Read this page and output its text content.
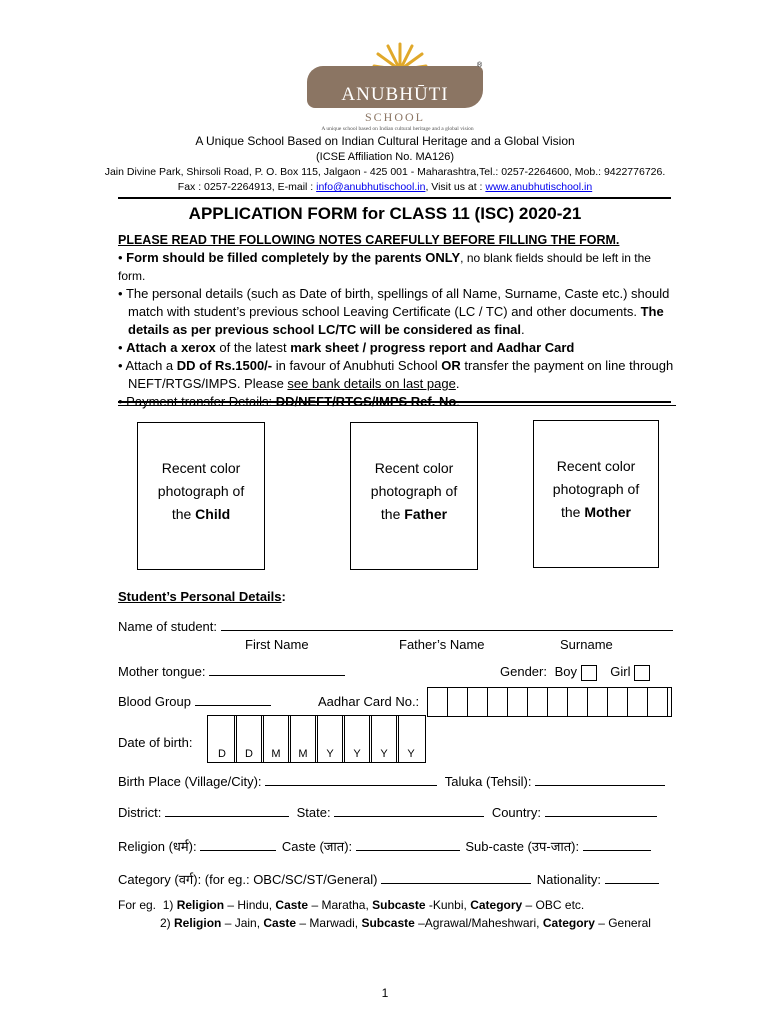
ANUBHŪTI
®
SCHOOL
A unique school based on Indian cultural heritage and a global vision
A Unique School Based on Indian Cultural Heritage and a Global Vision
(ICSE Affiliation No. MA126)
Jain Divine Park, Shirsoli Road, P. O. Box 115, Jalgaon - 425 001 - Maharashtra,Tel.: 0257-2264600, Mob.: 9422776726.
Fax : 0257-2264913, E-mail : info@anubhutischool.in, Visit us at : www.anubhutischool.in
APPLICATION FORM for CLASS 11 (ISC) 2020-21
PLEASE READ THE FOLLOWING NOTES CAREFULLY BEFORE FILLING THE FORM.
• Form should be filled completely by the parents ONLY, no blank fields should be left in the form.
• The personal details (such as Date of birth, spellings of all Name, Surname, Caste etc.) should
match with student’s previous school Leaving Certificate (LC / TC) and other documents. The
details as per previous school LC/TC will be considered as final.
• Attach a xerox of the latest mark sheet / progress report and Aadhar Card
• Attach a DD of Rs.1500/- in favour of Anubhuti School OR transfer the payment on line through
NEFT/RTGS/IMPS. Please see bank details on last page.
• Payment transfer Details: DD/NEFT/RTGS/IMPS Ref. No.
Recent color
photograph of
the Child
Recent color
photograph of
the Father
Recent color
photograph of
the Mother
Student’s Personal Details:
Name of student:
First Name	Father’s Name	Surname
Mother tongue:	Gender: Boy	Girl
Blood Group	Aadhar Card No.:
Date of birth:
D	D	M	M	Y	Y	Y	Y
Birth Place (Village/City):	Taluka (Tehsil):
District:	State:	Country:
Religion (धर्म):	Caste (जात):	Sub-caste (उप-जात):
Category (वर्ग): (for eg.: OBC/SC/ST/General)	Nationality:
For eg. 1) Religion – Hindu, Caste – Maratha, Subcaste -Kunbi, Category – OBC etc.
2) Religion – Jain, Caste – Marwadi, Subcaste –Agrawal/Maheshwari, Category – General
1
